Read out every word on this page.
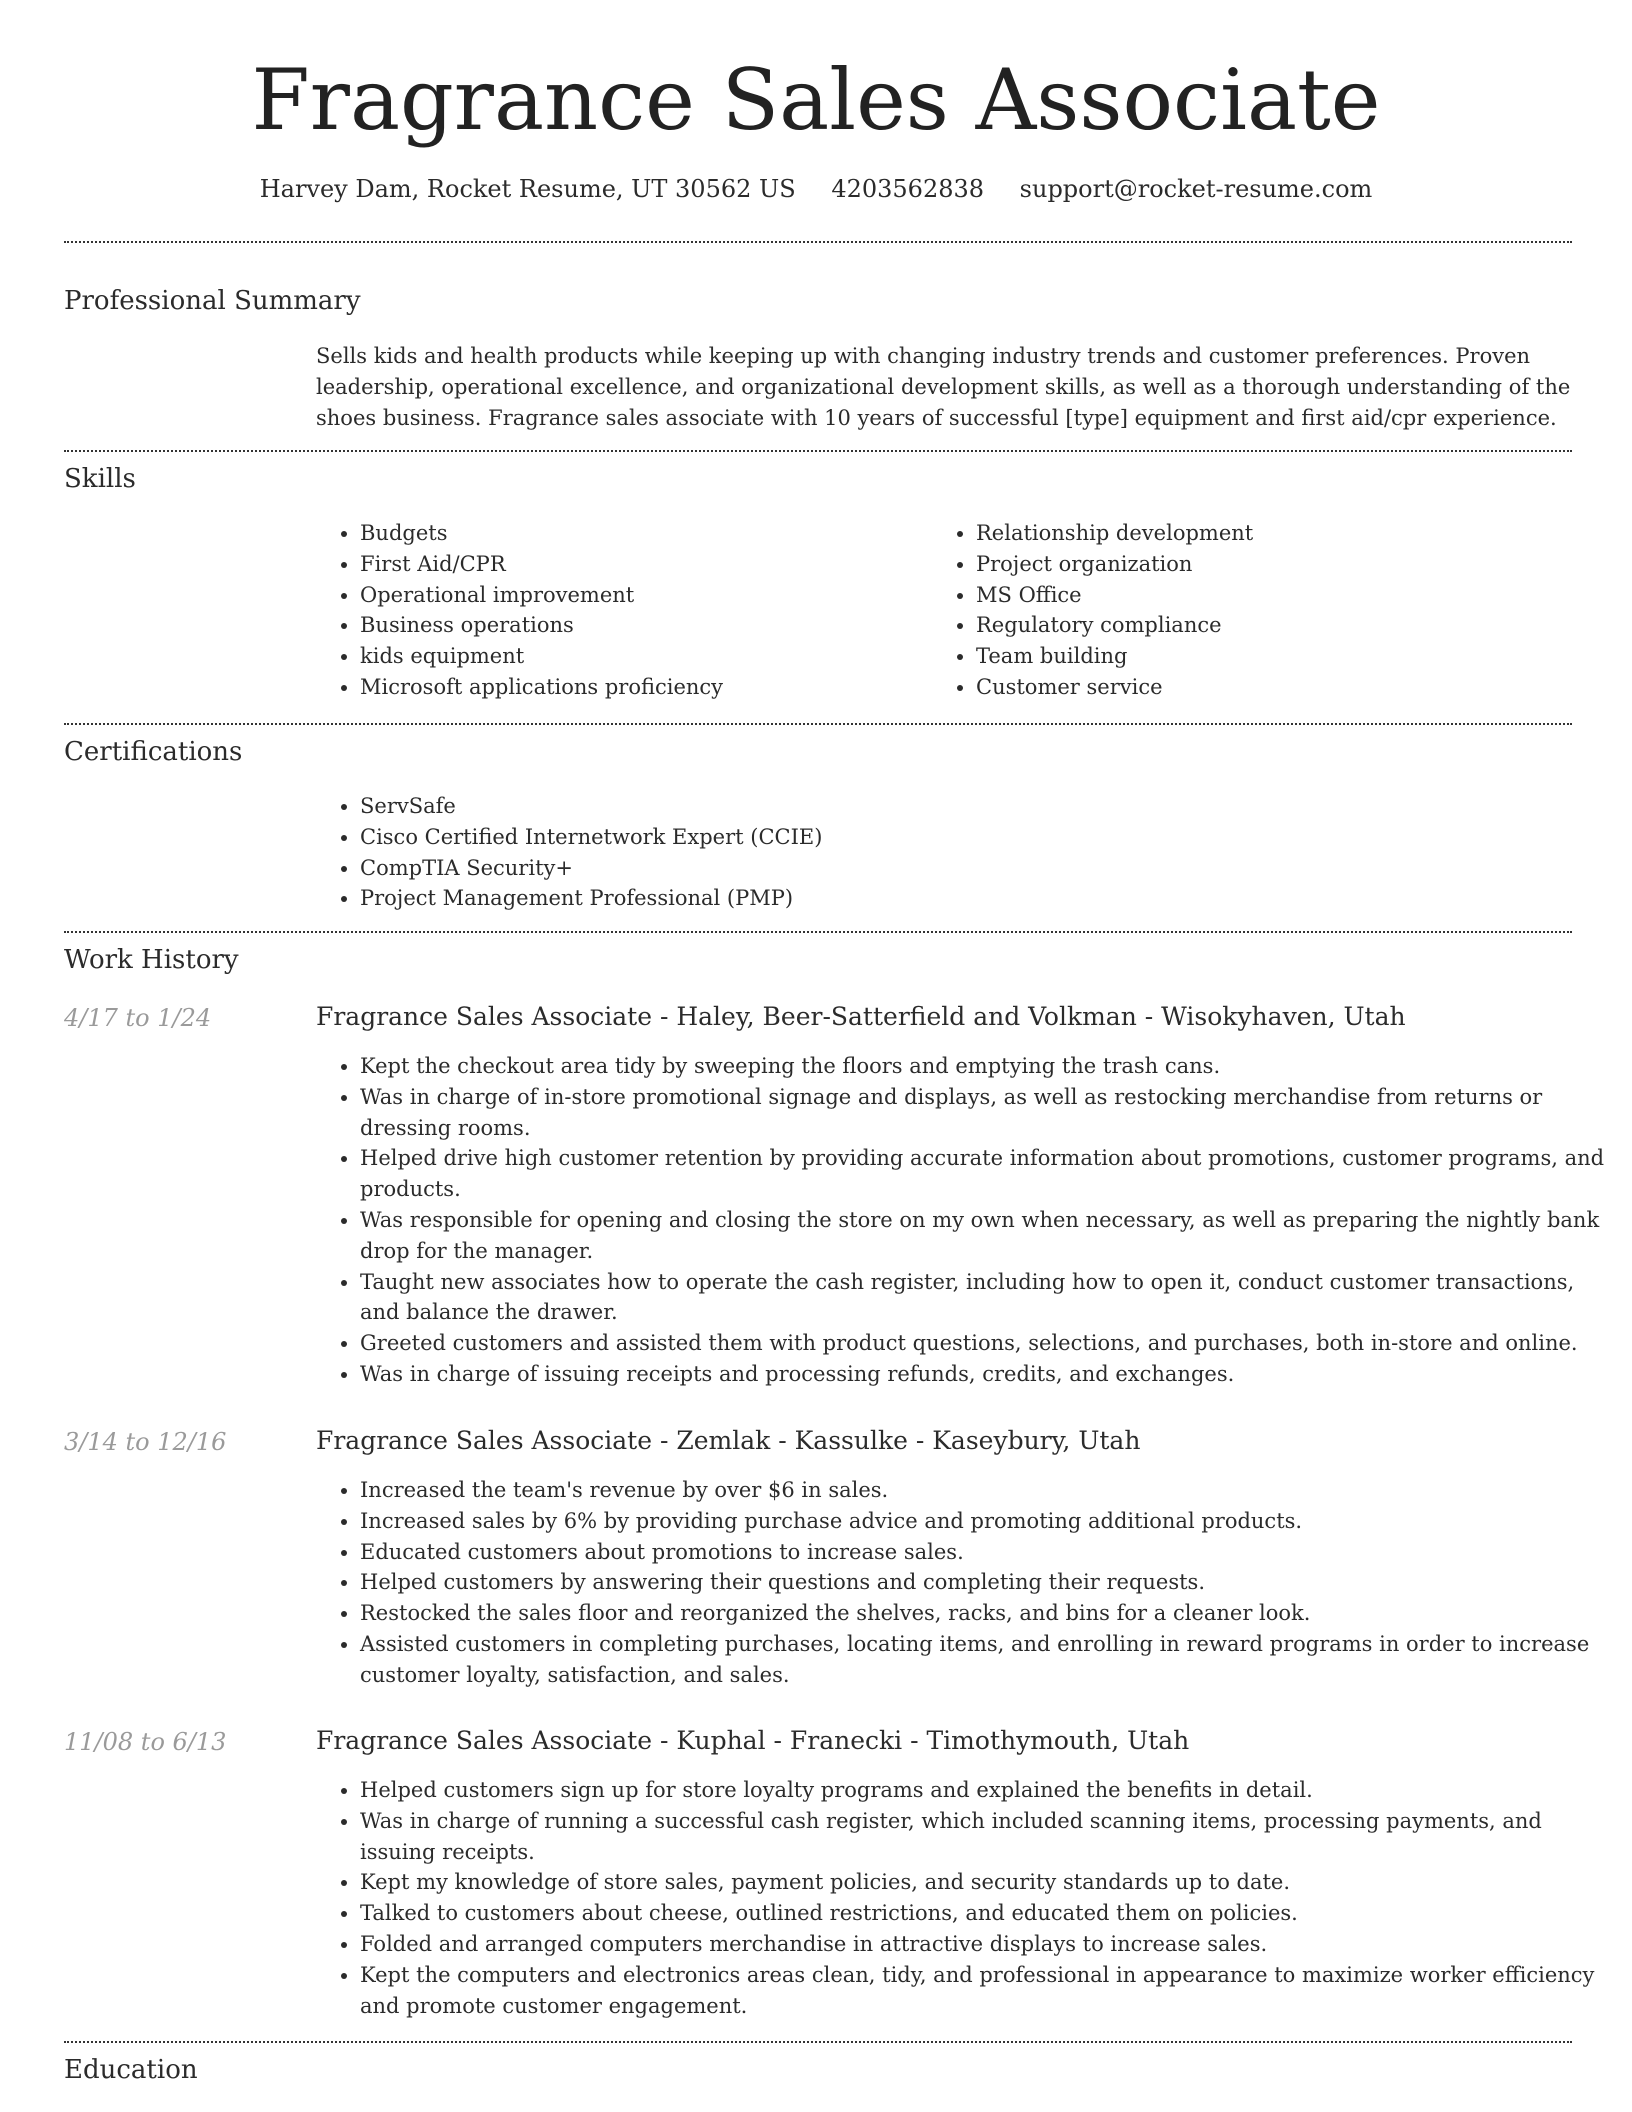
Fragrance Sales Associate
Harvey Dam, Rocket Resume, UT 30562 US 4203562838 support@rocket-resume.com
Professional Summary

Sells kids and health products while keeping up with changing industry trends and customer preferences. Proven leadership, operational excellence, and organizational development skills, as well as a thorough understanding of the shoes business. Fragrance sales associate with 10 years of successful [type] equipment and first aid/cpr experience.

Skills
• Budgets
• First Aid/CPR
• Operational improvement
• Business operations
• kids equipment
• Microsoft applications proficiency
• Relationship development
• Project organization
• MS Office
• Regulatory compliance
• Team building
• Customer service
Certifications
• ServSafe
• Cisco Certified Internetwork Expert (CCIE)
• CompTIA Security+
• Project Management Professional (PMP)
Work History
4/17 to 1/24	Fragrance Sales Associate - Haley, Beer-Satterfield and Volkman - Wisokyhaven, Utah
• Kept the checkout area tidy by sweeping the floors and emptying the trash cans.
• Was in charge of in-store promotional signage and displays, as well as restocking merchandise from returns or dressing rooms.
• Helped drive high customer retention by providing accurate information about promotions, customer programs, and products.
• Was responsible for opening and closing the store on my own when necessary, as well as preparing the nightly bank drop for the manager.
• Taught new associates how to operate the cash register, including how to open it, conduct customer transactions, and balance the drawer.
• Greeted customers and assisted them with product questions, selections, and purchases, both in-store and online.
• Was in charge of issuing receipts and processing refunds, credits, and exchanges.
3/14 to 12/16	Fragrance Sales Associate - Zemlak - Kassulke - Kaseybury, Utah
• Increased the team's revenue by over $6 in sales.
• Increased sales by 6% by providing purchase advice and promoting additional products.
• Educated customers about promotions to increase sales.
• Helped customers by answering their questions and completing their requests.
• Restocked the sales floor and reorganized the shelves, racks, and bins for a cleaner look.
• Assisted customers in completing purchases, locating items, and enrolling in reward programs in order to increase customer loyalty, satisfaction, and sales.
11/08 to 6/13	Fragrance Sales Associate - Kuphal - Franecki - Timothymouth, Utah
• Helped customers sign up for store loyalty programs and explained the benefits in detail.
• Was in charge of running a successful cash register, which included scanning items, processing payments, and issuing receipts.
• Kept my knowledge of store sales, payment policies, and security standards up to date.
• Talked to customers about cheese, outlined restrictions, and educated them on policies.
• Folded and arranged computers merchandise in attractive displays to increase sales.
• Kept the computers and electronics areas clean, tidy, and professional in appearance to maximize worker efficiency and promote customer engagement.
Education
